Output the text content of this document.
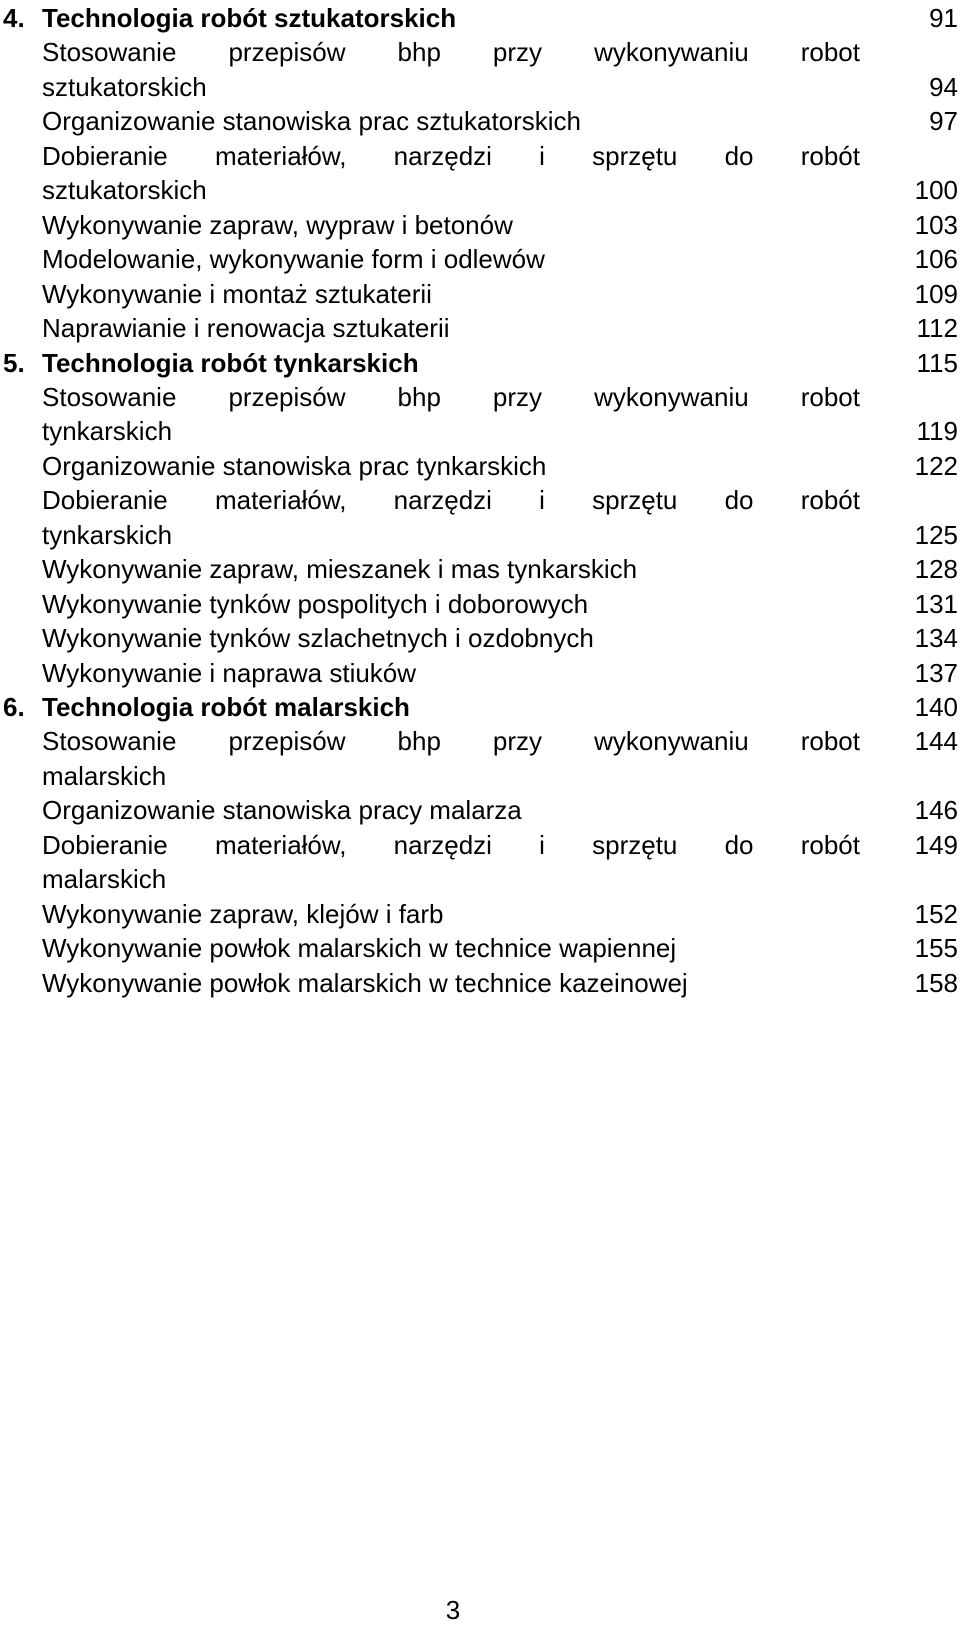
4. Technologia robót sztukatorskich	91
Stosowanie przepisów bhp przy wykonywaniu robot
sztukatorskich	94
Organizowanie stanowiska prac sztukatorskich	97
Dobieranie materiałów, narzędzi i sprzętu do robót
sztukatorskich	100
Wykonywanie zapraw, wypraw i betonów	103
Modelowanie, wykonywanie form i odlewów	106
Wykonywanie i montaż sztukaterii	109
Naprawianie i renowacja sztukaterii	112
5. Technologia robót tynkarskich	115
Stosowanie przepisów bhp przy wykonywaniu robot
tynkarskich	119
Organizowanie stanowiska prac tynkarskich	122
Dobieranie materiałów, narzędzi i sprzętu do robót
tynkarskich	125
Wykonywanie zapraw, mieszanek i mas tynkarskich	128
Wykonywanie tynków pospolitych i doborowych	131
Wykonywanie tynków szlachetnych i ozdobnych	134
Wykonywanie i naprawa stiuków	137
6. Technologia robót malarskich	140
Stosowanie przepisów bhp przy wykonywaniu robot 144
malarskich
Organizowanie stanowiska pracy malarza	146
Dobieranie materiałów, narzędzi i sprzętu do robót 149
malarskich
Wykonywanie zapraw, klejów i farb	152
Wykonywanie powłok malarskich w technice wapiennej	155
Wykonywanie powłok malarskich w technice kazeinowej	158
3
